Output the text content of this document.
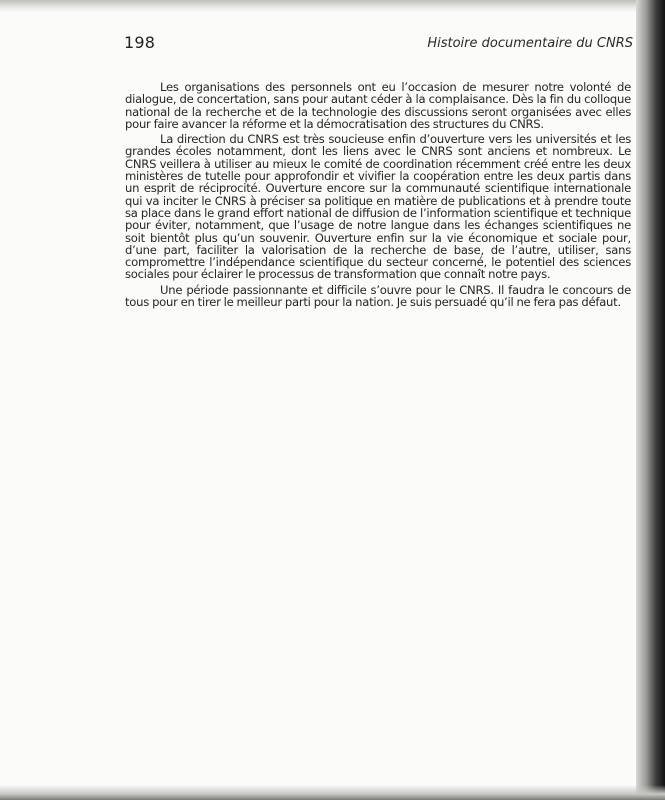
198	Histoire documentaire du CNRS

Les organisations des personnels ont eu l’occasion de mesurer notre volonté de dialogue, de concertation, sans pour autant céder à la complaisance. Dès la fin du colloque national de la recherche et de la technologie des discussions seront organisées avec elles pour faire avancer la réforme et la démocratisation des structures du CNRS.

La direction du CNRS est très soucieuse enfin d’ouverture vers les universités et les grandes écoles notamment, dont les liens avec le CNRS sont anciens et nombreux. Le CNRS veillera à utiliser au mieux le comité de coordination récemment créé entre les deux ministères de tutelle pour approfondir et vivifier la coopération entre les deux partis dans un esprit de réciprocité. Ouverture encore sur la communauté scientifique internationale qui va inciter le CNRS à préciser sa politique en matière de publications et à prendre toute sa place dans le grand effort national de diffusion de l’information scientifique et technique pour éviter, notamment, que l’usage de notre langue dans les échanges scientifiques ne soit bientôt plus qu’un souvenir. Ouverture enfin sur la vie économique et sociale pour, d’une part, faciliter la valorisation de la recherche de base, de l’autre, utiliser, sans compromettre l’indépendance scientifique du secteur concerné, le potentiel des sciences sociales pour éclairer le processus de transformation que connaît notre pays.

Une période passionnante et difficile s’ouvre pour le CNRS. Il faudra le concours de tous pour en tirer le meilleur parti pour la nation. Je suis persuadé qu’il ne fera pas défaut.
